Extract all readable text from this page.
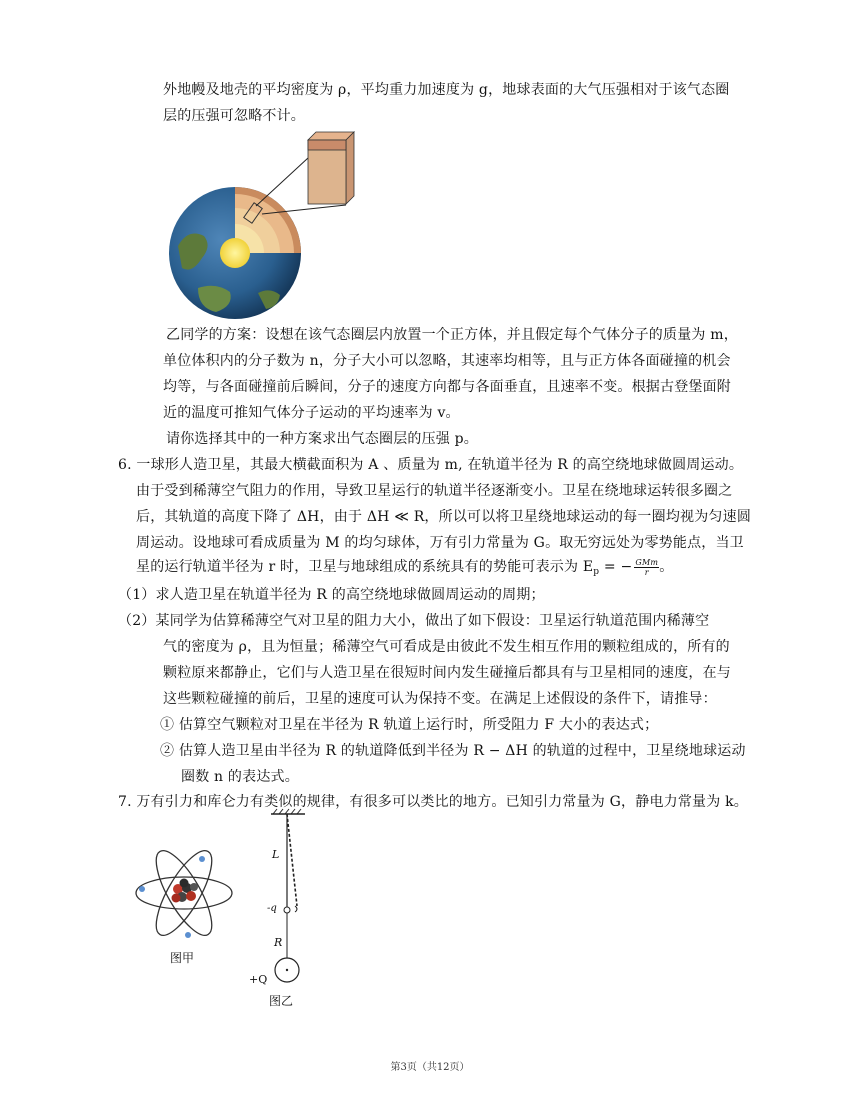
外地幔及地壳的平均密度为 ρ，平均重力加速度为 g，地球表面的大气压强相对于该气态圈
层的压强可忽略不计。
乙同学的方案：设想在该气态圈层内放置一个正方体，并且假定每个气体分子的质量为 m，
单位体积内的分子数为 n，分子大小可以忽略，其速率均相等，且与正方体各面碰撞的机会
均等，与各面碰撞前后瞬间，分子的速度方向都与各面垂直，且速率不变。根据古登堡面附
近的温度可推知气体分子运动的平均速率为 v。
请你选择其中的一种方案求出气态圈层的压强 p。
6. 一球形人造卫星，其最大横截面积为 A 、质量为 m, 在轨道半径为 R 的高空绕地球做圆周运动。
由于受到稀薄空气阻力的作用，导致卫星运行的轨道半径逐渐变小。卫星在绕地球运转很多圈之
后，其轨道的高度下降了 ΔH，由于 ΔH ≪ R，所以可以将卫星绕地球运动的每一圈均视为匀速圆
周运动。设地球可看成质量为 M 的均匀球体，万有引力常量为 G。取无穷远处为零势能点，当卫
星的运行轨道半径为 r 时，卫星与地球组成的系统具有的势能可表示为 $E_p$ = − $\frac{\text{GMm}}{r}$ 。
（1）求人造卫星在轨道半径为 R 的高空绕地球做圆周运动的周期；
（2）某同学为估算稀薄空气对卫星的阻力大小，做出了如下假设：卫星运行轨道范围内稀薄空
气的密度为 ρ，且为恒量；稀薄空气可看成是由彼此不发生相互作用的颗粒组成的，所有的
颗粒原来都静止，它们与人造卫星在很短时间内发生碰撞后都具有与卫星相同的速度，在与
这些颗粒碰撞的前后，卫星的速度可认为保持不变。在满足上述假设的条件下，请推导：
① 估算空气颗粒对卫星在半径为 R 轨道上运行时，所受阻力 F 大小的表达式；
② 估算人造卫星由半径为 R 的轨道降低到半径为 R − ΔH 的轨道的过程中，卫星绕地球运动
圈数 n 的表达式。
7. 万有引力和库仑力有类似的规律，有很多可以类比的地方。已知引力常量为 G，静电力常量为 k。
图甲
L
-q
R
+Q
图乙
第3页（共12页）
